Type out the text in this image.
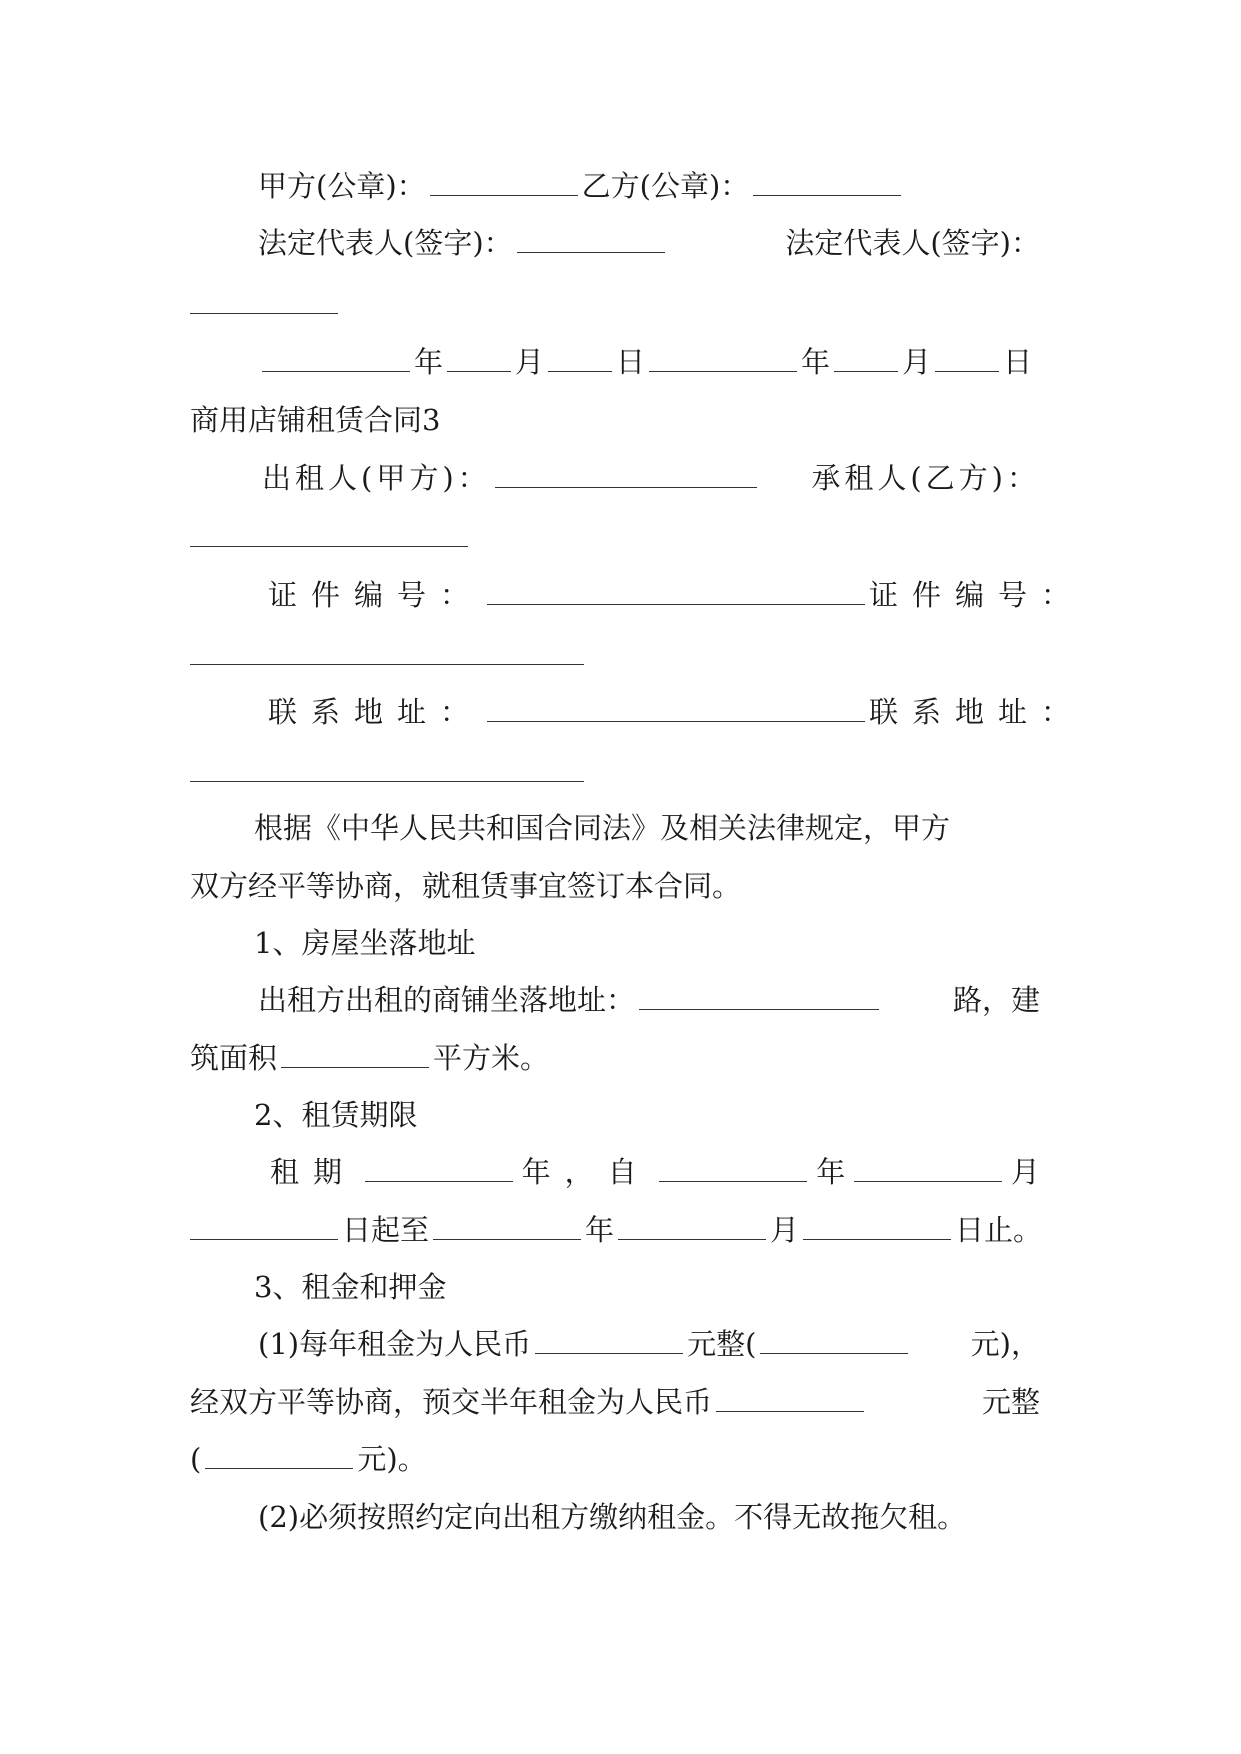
甲方(公章)：	乙方(公章)：
法定代表人(签字)：	法定代表人(签字)：
年 月 日	年 月 日
商用店铺租赁合同3
出租人(甲方)：	承租人(乙方)：
证件编号：	证件编号：
联系地址：	联系地址：
根据《中华人民共和国合同法》及相关法律规定，甲方
双方经平等协商，就租赁事宜签订本合同。
1、房屋坐落地址
出租方出租的商铺坐落地址：	路，建
筑面积	平方米。
2、租赁期限
租期	年，自	年	月
日起至	年	月	日止。
3、租金和押金
(1)每年租金为人民币	元整(	元)，
经双方平等协商，预交半年租金为人民币	元整
(	元)。
(2)必须按照约定向出租方缴纳租金。不得无故拖欠租。
